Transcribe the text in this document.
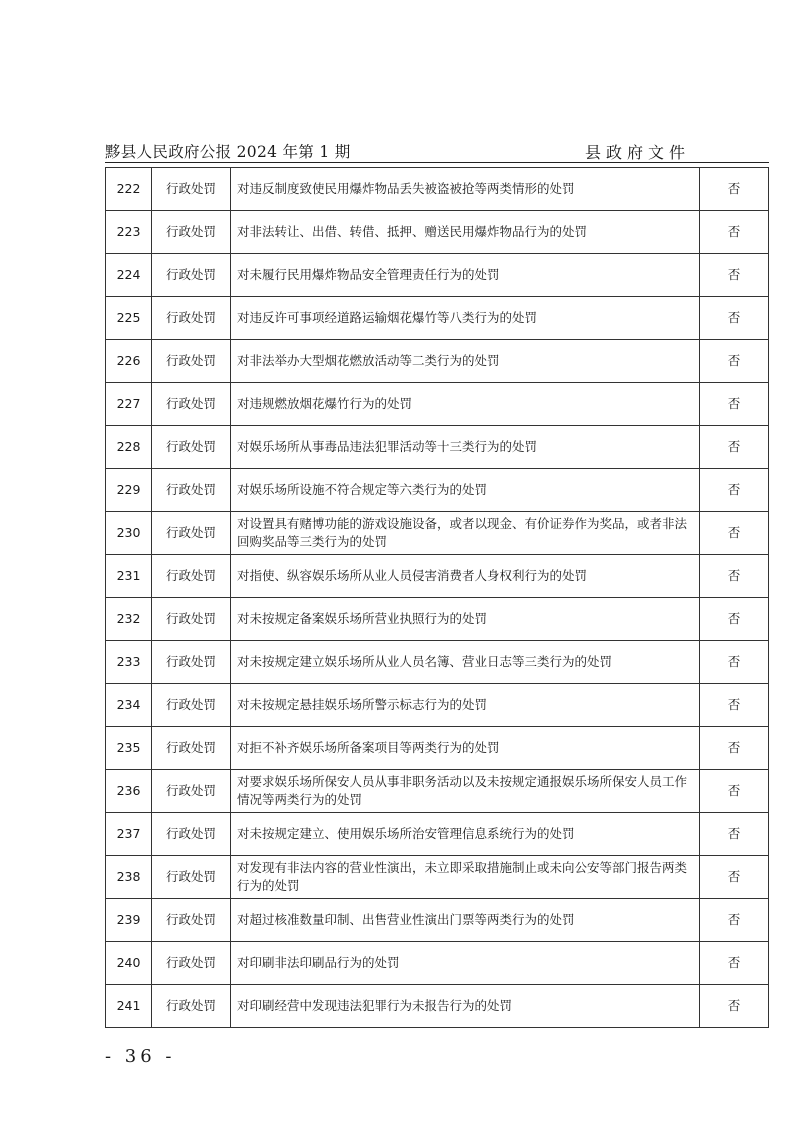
黟县人民政府公报 2024 年第 1 期	县政府文件
222	行政处罚	对违反制度致使民用爆炸物品丢失被盗被抢等两类情形的处罚	否
223	行政处罚	对非法转让、出借、转借、抵押、赠送民用爆炸物品行为的处罚	否
224	行政处罚	对未履行民用爆炸物品安全管理责任行为的处罚	否
225	行政处罚	对违反许可事项经道路运输烟花爆竹等八类行为的处罚	否
226	行政处罚	对非法举办大型烟花燃放活动等二类行为的处罚	否
227	行政处罚	对违规燃放烟花爆竹行为的处罚	否
228	行政处罚	对娱乐场所从事毒品违法犯罪活动等十三类行为的处罚	否
229	行政处罚	对娱乐场所设施不符合规定等六类行为的处罚	否
230	行政处罚	对设置具有赌博功能的游戏设施设备，或者以现金、有价证券作为奖品，或者非法回购奖品等三类行为的处罚	否
231	行政处罚	对指使、纵容娱乐场所从业人员侵害消费者人身权利行为的处罚	否
232	行政处罚	对未按规定备案娱乐场所营业执照行为的处罚	否
233	行政处罚	对未按规定建立娱乐场所从业人员名簿、营业日志等三类行为的处罚	否
234	行政处罚	对未按规定悬挂娱乐场所警示标志行为的处罚	否
235	行政处罚	对拒不补齐娱乐场所备案项目等两类行为的处罚	否
236	行政处罚	对要求娱乐场所保安人员从事非职务活动以及未按规定通报娱乐场所保安人员工作情况等两类行为的处罚	否
237	行政处罚	对未按规定建立、使用娱乐场所治安管理信息系统行为的处罚	否
238	行政处罚	对发现有非法内容的营业性演出，未立即采取措施制止或未向公安等部门报告两类行为的处罚	否
239	行政处罚	对超过核准数量印制、出售营业性演出门票等两类行为的处罚	否
240	行政处罚	对印刷非法印刷品行为的处罚	否
241	行政处罚	对印刷经营中发现违法犯罪行为未报告行为的处罚	否
- 36 -
